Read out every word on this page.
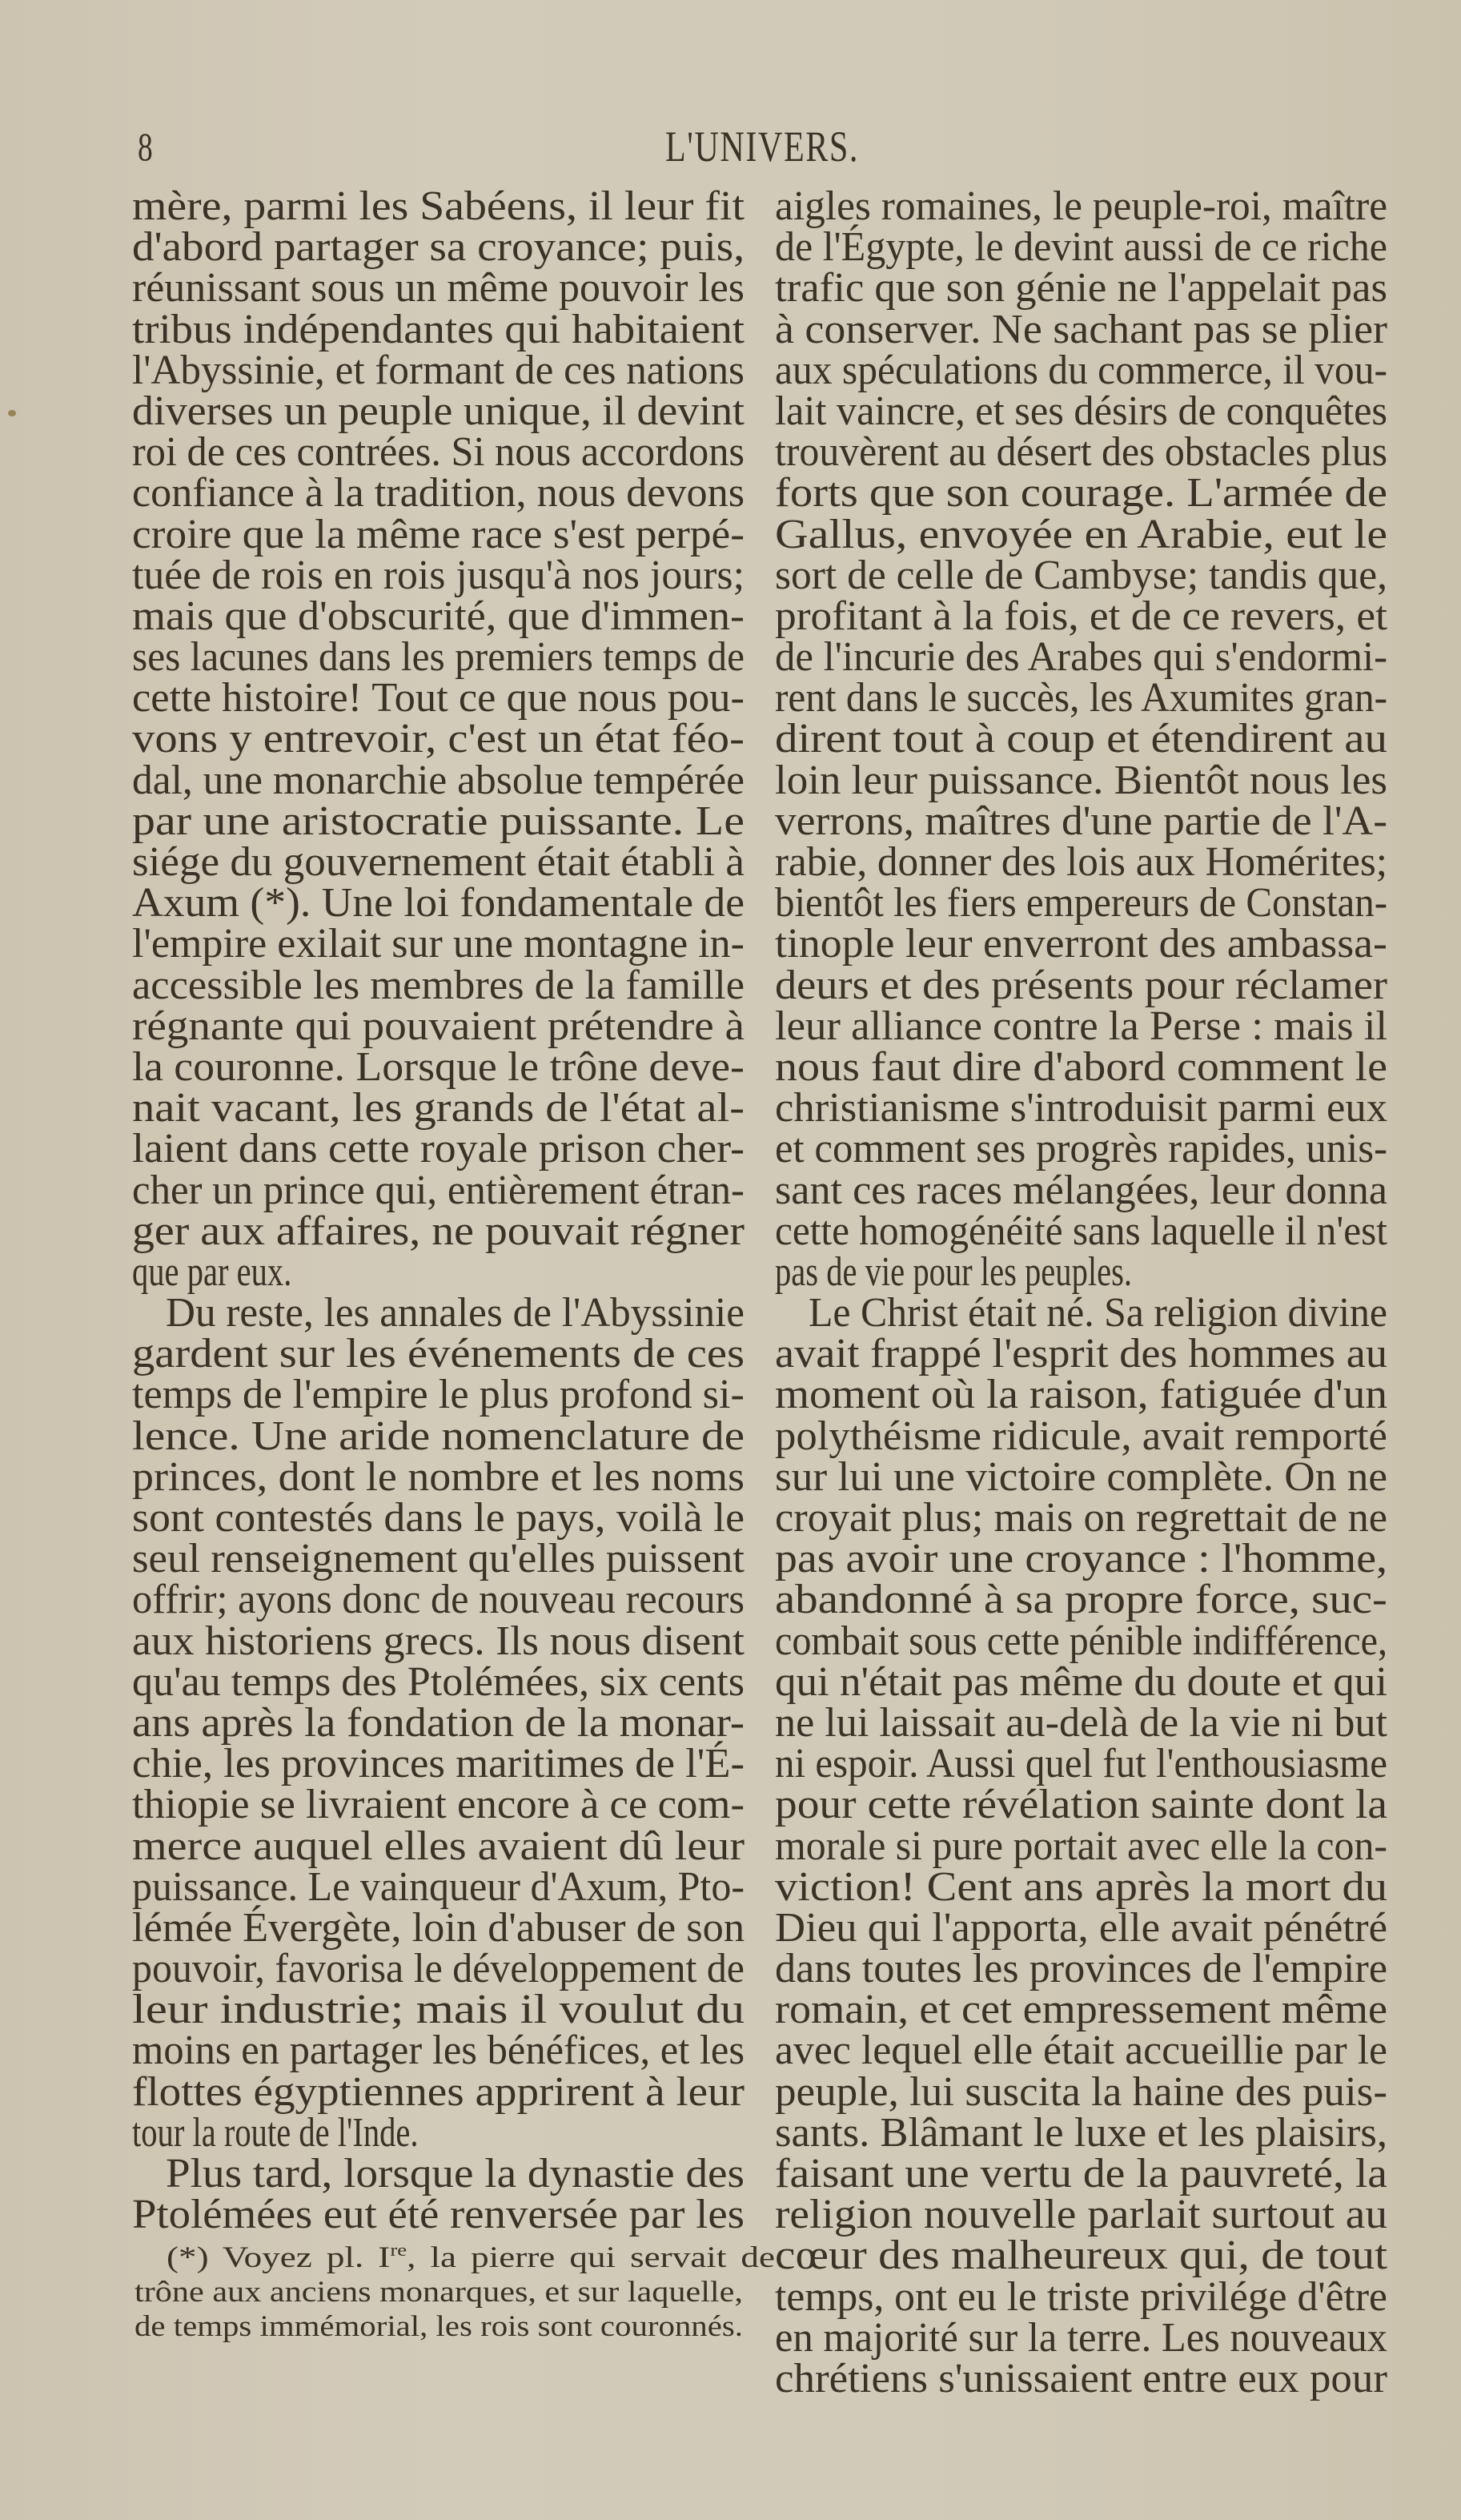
8	L'UNIVERS.
mère, parmi les Sabéens, il leur fit
d'abord partager sa croyance; puis,
réunissant sous un même pouvoir les
tribus indépendantes qui habitaient
l'Abyssinie, et formant de ces nations
diverses un peuple unique, il devint
roi de ces contrées. Si nous accordons
confiance à la tradition, nous devons
croire que la même race s'est perpé-
tuée de rois en rois jusqu'à nos jours;
mais que d'obscurité, que d'immen-
ses lacunes dans les premiers temps de
cette histoire! Tout ce que nous pou-
vons y entrevoir, c'est un état féo-
dal, une monarchie absolue tempérée
par une aristocratie puissante. Le
siége du gouvernement était établi à
Axum (*). Une loi fondamentale de
l'empire exilait sur une montagne in-
accessible les membres de la famille
régnante qui pouvaient prétendre à
la couronne. Lorsque le trône deve-
nait vacant, les grands de l'état al-
laient dans cette royale prison cher-
cher un prince qui, entièrement étran-
ger aux affaires, ne pouvait régner
que par eux.
Du reste, les annales de l'Abyssinie
gardent sur les événements de ces
temps de l'empire le plus profond si-
lence. Une aride nomenclature de
princes, dont le nombre et les noms
sont contestés dans le pays, voilà le
seul renseignement qu'elles puissent
offrir; ayons donc de nouveau recours
aux historiens grecs. Ils nous disent
qu'au temps des Ptolémées, six cents
ans après la fondation de la monar-
chie, les provinces maritimes de l'É-
thiopie se livraient encore à ce com-
merce auquel elles avaient dû leur
puissance. Le vainqueur d'Axum, Pto-
lémée Évergète, loin d'abuser de son
pouvoir, favorisa le développement de
leur industrie; mais il voulut du
moins en partager les bénéfices, et les
flottes égyptiennes apprirent à leur
tour la route de l'Inde.
Plus tard, lorsque la dynastie des
Ptolémées eut été renversée par les
aigles romaines, le peuple-roi, maître
de l'Égypte, le devint aussi de ce riche
trafic que son génie ne l'appelait pas
à conserver. Ne sachant pas se plier
aux spéculations du commerce, il vou-
lait vaincre, et ses désirs de conquêtes
trouvèrent au désert des obstacles plus
forts que son courage. L'armée de
Gallus, envoyée en Arabie, eut le
sort de celle de Cambyse; tandis que,
profitant à la fois, et de ce revers, et
de l'incurie des Arabes qui s'endormi-
rent dans le succès, les Axumites gran-
dirent tout à coup et étendirent au
loin leur puissance. Bientôt nous les
verrons, maîtres d'une partie de l'A-
rabie, donner des lois aux Homérites;
bientôt les fiers empereurs de Constan-
tinople leur enverront des ambassa-
deurs et des présents pour réclamer
leur alliance contre la Perse : mais il
nous faut dire d'abord comment le
christianisme s'introduisit parmi eux
et comment ses progrès rapides, unis-
sant ces races mélangées, leur donna
cette homogénéité sans laquelle il n'est
pas de vie pour les peuples.
Le Christ était né. Sa religion divine
avait frappé l'esprit des hommes au
moment où la raison, fatiguée d'un
polythéisme ridicule, avait remporté
sur lui une victoire complète. On ne
croyait plus; mais on regrettait de ne
pas avoir une croyance : l'homme,
abandonné à sa propre force, suc-
combait sous cette pénible indifférence,
qui n'était pas même du doute et qui
ne lui laissait au-delà de la vie ni but
ni espoir. Aussi quel fut l'enthousiasme
pour cette révélation sainte dont la
morale si pure portait avec elle la con-
viction! Cent ans après la mort du
Dieu qui l'apporta, elle avait pénétré
dans toutes les provinces de l'empire
romain, et cet empressement même
avec lequel elle était accueillie par le
peuple, lui suscita la haine des puis-
sants. Blâmant le luxe et les plaisirs,
faisant une vertu de la pauvreté, la
religion nouvelle parlait surtout au
cœur des malheureux qui, de tout
temps, ont eu le triste privilége d'être
en majorité sur la terre. Les nouveaux
chrétiens s'unissaient entre eux pour
(*) Voyez pl. Ire, la pierre qui servait de
trône aux anciens monarques, et sur laquelle,
de temps immémorial, les rois sont couronnés.
